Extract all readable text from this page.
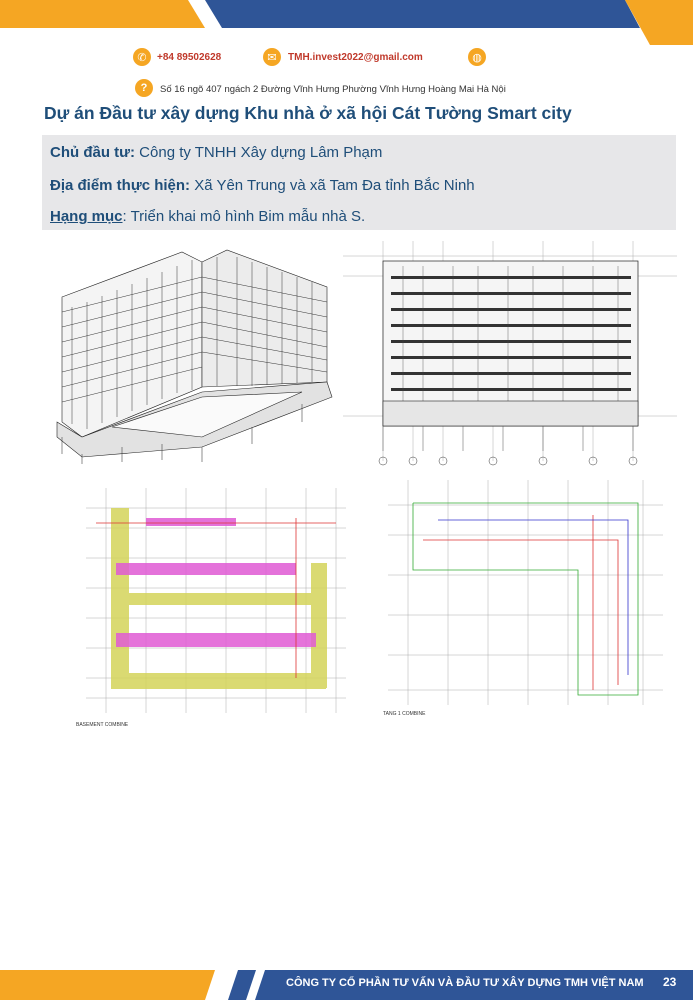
✆	+84 89502628	✉	TMH.invest2022@gmail.com	◍
?	Số 16 ngõ 407 ngách 2 Đường Vĩnh Hưng Phường Vĩnh Hưng Hoàng Mai Hà Nội
Dự án Đầu tư xây dựng Khu nhà ở xã hội Cát Tường Smart city
Chủ đầu tư: Công ty TNHH Xây dựng Lâm Phạm
Địa điểm thực hiện: Xã Yên Trung và xã Tam Đa tỉnh Bắc Ninh
Hạng mục: Triển khai mô hình Bim mẫu nhà S.
BASEMENT COMBINE
TANG 1 COMBINE
CÔNG TY CỔ PHẦN TƯ VẤN VÀ ĐẦU TƯ XÂY DỰNG TMH VIỆT NAM 23
